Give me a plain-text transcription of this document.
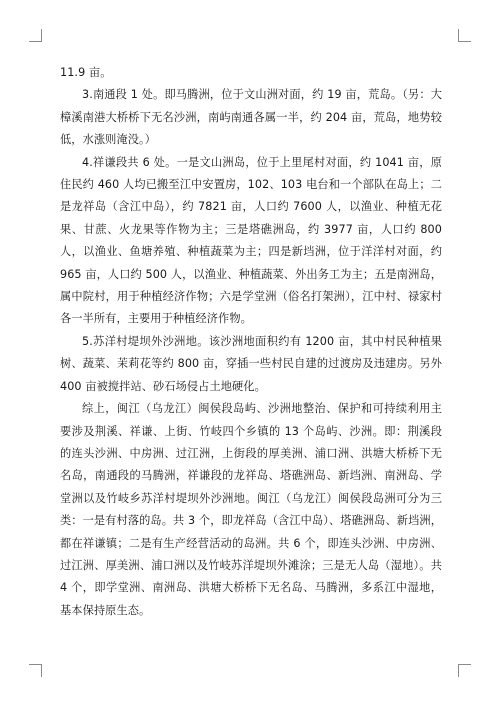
11.9 亩。

3.南通段 1 处。即马腾洲，位于文山洲对面，约 19 亩，荒岛。（另：大樟溪南港大桥桥下无名沙洲，南屿南通各属一半，约 204 亩，荒岛，地势较低，水涨则淹没。）

4.祥谦段共 6 处。一是文山洲岛，位于上里尾村对面，约 1041 亩，原住民约 460 人均已搬至江中安置房，102、103 电台和一个部队在岛上；二是龙祥岛（含江中岛），约 7821 亩，人口约 7600 人，以渔业、种植无花果、甘蔗、火龙果等作物为主；三是塔礁洲岛，约 3977 亩，人口约 800 人，以渔业、鱼塘养殖、种植蔬菜为主；四是新垱洲，位于洋洋村对面，约 965 亩，人口约 500 人，以渔业、种植蔬菜、外出务工为主；五是南洲岛，属中院村，用于种植经济作物；六是学堂洲（俗名打架洲），江中村、禄家村各一半所有，主要用于种植经济作物。

5.苏洋村堤坝外沙洲地。该沙洲地面积约有 1200 亩，其中村民种植果树、蔬菜、茉莉花等约 800 亩，穿插一些村民自建的过渡房及违建房。另外 400 亩被搅拌站、砂石场侵占土地硬化。

综上，闽江（乌龙江）闽侯段岛屿、沙洲地整治、保护和可持续利用主要涉及荆溪、祥谦、上街、竹岐四个乡镇的 13 个岛屿、沙洲。即：荆溪段的连头沙洲、中房洲、过江洲，上街段的厚美洲、浦口洲、洪塘大桥桥下无名岛，南通段的马腾洲，祥谦段的龙祥岛、塔礁洲岛、新垱洲、南洲岛、学堂洲以及竹岐乡苏洋村堤坝外沙洲地。闽江（乌龙江）闽侯段岛洲可分为三类：一是有村落的岛。共 3 个，即龙祥岛（含江中岛）、塔礁洲岛、新垱洲，都在祥谦镇；二是有生产经营活动的岛洲。共 6 个，即连头沙洲、中房洲、过江洲、厚美洲、浦口洲以及竹岐苏洋堤坝外滩涂；三是无人岛（湿地）。共 4 个，即学堂洲、南洲岛、洪塘大桥桥下无名岛、马腾洲，多系江中湿地，基本保持原生态。
